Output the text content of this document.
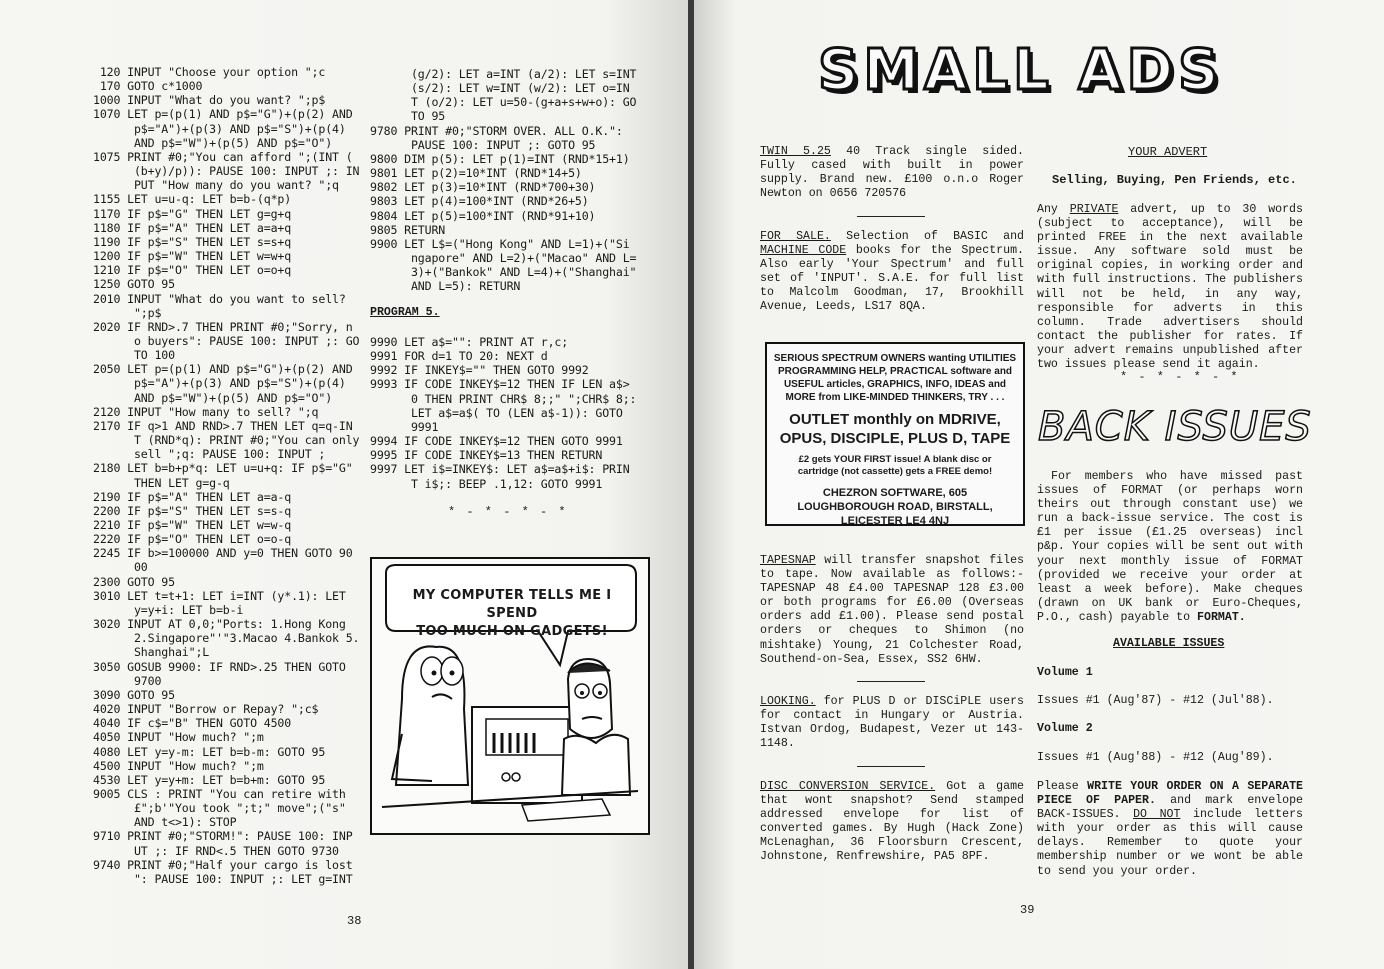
120 INPUT "Choose your option ";c
170 GOTO c*1000
1000 INPUT "What do you want? ";p$
1070 LET p=(p(1) AND p$="G")+(p(2) AND
p$="A")+(p(3) AND p$="S")+(p(4)
AND p$="W")+(p(5) AND p$="O")
1075 PRINT #0;"You can afford ";(INT (
(b+y)/p)): PAUSE 100: INPUT ;: IN
PUT "How many do you want? ";q
1155 LET u=u-q: LET b=b-(q*p)
1170 IF p$="G" THEN LET g=g+q
1180 IF p$="A" THEN LET a=a+q
1190 IF p$="S" THEN LET s=s+q
1200 IF p$="W" THEN LET w=w+q
1210 IF p$="O" THEN LET o=o+q
1250 GOTO 95
2010 INPUT "What do you want to sell?
";p$
2020 IF RND>.7 THEN PRINT #0;"Sorry, n
o buyers": PAUSE 100: INPUT ;: GO
TO 100
2050 LET p=(p(1) AND p$="G")+(p(2) AND
p$="A")+(p(3) AND p$="S")+(p(4)
AND p$="W")+(p(5) AND p$="O")
2120 INPUT "How many to sell? ";q
2170 IF q>1 AND RND>.7 THEN LET q=q-IN
T (RND*q): PRINT #0;"You can only
sell ";q: PAUSE 100: INPUT ;
2180 LET b=b+p*q: LET u=u+q: IF p$="G"
THEN LET g=g-q
2190 IF p$="A" THEN LET a=a-q
2200 IF p$="S" THEN LET s=s-q
2210 IF p$="W" THEN LET w=w-q
2220 IF p$="O" THEN LET o=o-q
2245 IF b>=100000 AND y=0 THEN GOTO 90
00
2300 GOTO 95
3010 LET t=t+1: LET i=INT (y*.1): LET
y=y+i: LET b=b-i
3020 INPUT AT 0,0;"Ports: 1.Hong Kong
2.Singapore"'"3.Macao 4.Bankok 5.
Shanghai";L
3050 GOSUB 9900: IF RND>.25 THEN GOTO
9700
3090 GOTO 95
4020 INPUT "Borrow or Repay? ";c$
4040 IF c$="B" THEN GOTO 4500
4050 INPUT "How much? ";m
4080 LET y=y-m: LET b=b-m: GOTO 95
4500 INPUT "How much? ";m
4530 LET y=y+m: LET b=b+m: GOTO 95
9005 CLS : PRINT "You can retire with
£";b'"You took ";t;" move";("s"
AND t<>1): STOP
9710 PRINT #0;"STORM!": PAUSE 100: INP
UT ;: IF RND<.5 THEN GOTO 9730
9740 PRINT #0;"Half your cargo is lost
": PAUSE 100: INPUT ;: LET g=INT
(g/2): LET a=INT (a/2): LET s=INT
(s/2): LET w=INT (w/2): LET o=IN
T (o/2): LET u=50-(g+a+s+w+o): GO
TO 95
9780 PRINT #0;"STORM OVER. ALL O.K.":
PAUSE 100: INPUT ;: GOTO 95
9800 DIM p(5): LET p(1)=INT (RND*15+1)
9801 LET p(2)=10*INT (RND*14+5)
9802 LET p(3)=10*INT (RND*700+30)
9803 LET p(4)=100*INT (RND*26+5)
9804 LET p(5)=100*INT (RND*91+10)
9805 RETURN
9900 LET L$=("Hong Kong" AND L=1)+("Si
ngapore" AND L=2)+("Macao" AND L=
3)+("Bankok" AND L=4)+("Shanghai"
AND L=5): RETURN
PROGRAM 5.
9990 LET a$="": PRINT AT r,c;
9991 FOR d=1 TO 20: NEXT d
9992 IF INKEY$="" THEN GOTO 9992
9993 IF CODE INKEY$=12 THEN IF LEN a$>
0 THEN PRINT CHR$ 8;;" ";CHR$ 8;:
LET a$=a$( TO (LEN a$-1)): GOTO
9991
9994 IF CODE INKEY$=12 THEN GOTO 9991
9995 IF CODE INKEY$=13 THEN RETURN
9997 LET i$=INKEY$: LET a$=a$+i$: PRIN
T i$;: BEEP .1,12: GOTO 9991
* - * - * - *
MY COMPUTER TELLS ME I SPEND
TOO MUCH ON GADGETS!
38
SMALL ADS
TWIN 5.25 40 Track single sided. Fully cased with built in power supply. Brand new. £100 o.n.o Roger Newton on 0656 720576
FOR SALE. Selection of BASIC and MACHINE CODE books for the Spectrum. Also early 'Your Spectrum' and full set of 'INPUT'. S.A.E. for full list to Malcolm Goodman, 17, Brookhill Avenue, Leeds, LS17 8QA.
SERIOUS SPECTRUM OWNERS wanting UTILITIES PROGRAMMING HELP, PRACTICAL software and USEFUL articles, GRAPHICS, INFO, IDEAS and MORE from LIKE-MINDED THINKERS, TRY . . .
OUTLET monthly on MDRIVE, OPUS, DISCIPLE, PLUS D, TAPE
£2 gets YOUR FIRST issue! A blank disc or cartridge (not cassette) gets a FREE demo!
CHEZRON SOFTWARE, 605 LOUGHBOROUGH ROAD, BIRSTALL, LEICESTER LE4 4NJ
TAPESNAP will transfer snapshot files to tape. Now available as follows:- TAPESNAP 48 £4.00 TAPESNAP 128 £3.00 or both programs for £6.00 (Overseas orders add £1.00). Please send postal orders or cheques to Shimon (no mishtake) Young, 21 Colchester Road, Southend-on-Sea, Essex, SS2 6HW.
LOOKING. for PLUS D or DISCiPLE users for contact in Hungary or Austria. Istvan Ordog, Budapest, Vezer ut 143-1148.
DISC CONVERSION SERVICE. Got a game that wont snapshot? Send stamped addressed envelope for list of converted games. By Hugh (Hack Zone) McLenaghan, 36 Floorsburn Crescent, Johnstone, Renfrewshire, PA5 8PF.
YOUR ADVERT
Selling, Buying, Pen Friends, etc.
Any PRIVATE advert, up to 30 words (subject to acceptance), will be printed FREE in the next available issue. Any software sold must be original copies, in working order and with full instructions. The publishers will not be held, in any way, responsible for adverts in this column. Trade advertisers should contact the publisher for rates. If your advert remains unpublished after two issues please send it again.
* - * - * - *
BACK ISSUES
For members who have missed past issues of FORMAT (or perhaps worn theirs out through constant use) we run a back-issue service. The cost is £1 per issue (£1.25 overseas) incl p&p. Your copies will be sent out with your next monthly issue of FORMAT (provided we receive your order at least a week before). Make cheques (drawn on UK bank or Euro-Cheques, P.O., cash) payable to FORMAT.
AVAILABLE ISSUES
Volume 1
Issues #1 (Aug'87) - #12 (Jul'88).
Volume 2
Issues #1 (Aug'88) - #12 (Aug'89).
Please WRITE YOUR ORDER ON A SEPARATE PIECE OF PAPER. and mark envelope BACK-ISSUES. DO NOT include letters with your order as this will cause delays. Remember to quote your membership number or we wont be able to send you your order.
39
